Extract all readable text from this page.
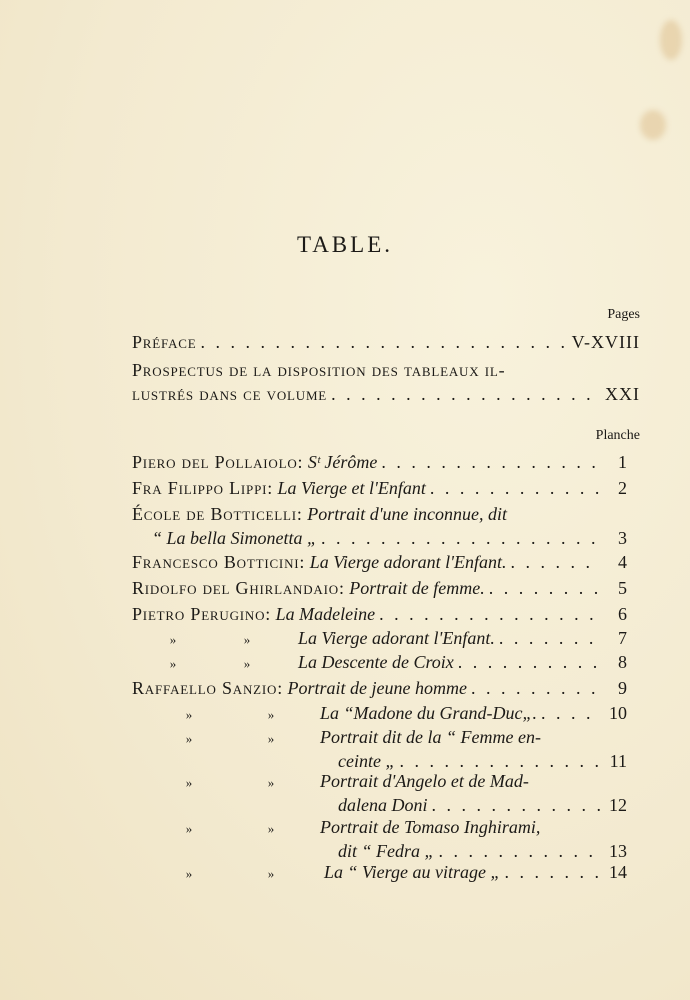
TABLE.
Pages
Préface . . .	V-XVIII
Prospectus de la disposition des tableaux il-
lustrés dans ce volume . . .	XXI
Planche
Piero del Pollaiolo:
Sᵗ Jérôme . . .	1
Fra Filippo Lippi:
La Vierge et l'Enfant . . .	2
École de Botticelli:
Portrait d'une inconnue, dit
“ La bella Simonetta „ . . .	3
Francesco Botticini:
La Vierge adorant l'Enfant. . . .	4
Ridolfo del Ghirlandaio:
Portrait de femme. . . .	5
Pietro Perugino:
La Madeleine . . .	6
»	»	La Vierge adorant l'Enfant. . . .	7
»	»	La Descente de Croix . . .	8
Raffaello Sanzio:
Portrait de jeune homme . . .	9
»	»	La “Madone du Grand-Duc„. . . .	10
»	»	Portrait dit de la “ Femme en-
ceinte „ . . .	11
»	»	Portrait d'Angelo et de Mad-
dalena Doni . . .	12
»	»	Portrait de Tomaso Inghirami,
dit “ Fedra „ . . .	13
»	»	La “ Vierge au vitrage „ . . .	14
